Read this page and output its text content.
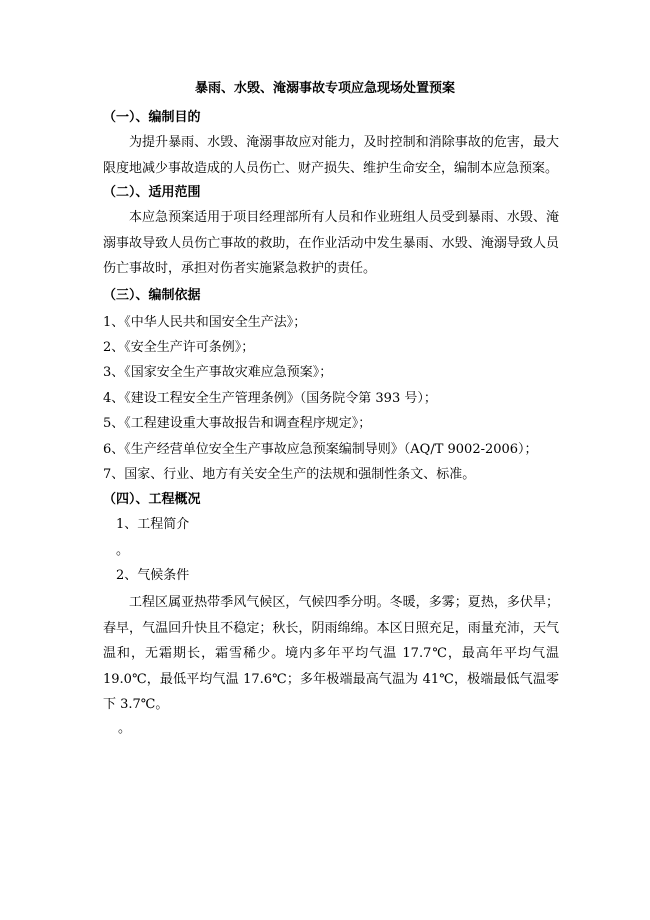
暴雨、水毁、淹溺事故专项应急现场处置预案
（一）、编制目的
为提升暴雨、水毁、淹溺事故应对能力，及时控制和消除事故的危害，最大限度地减少事故造成的人员伤亡、财产损失、维护生命安全，编制本应急预案。
（二）、适用范围
本应急预案适用于项目经理部所有人员和作业班组人员受到暴雨、水毁、淹溺事故导致人员伤亡事故的救助，在作业活动中发生暴雨、水毁、淹溺导致人员伤亡事故时，承担对伤者实施紧急救护的责任。
（三）、编制依据
1、《中华人民共和国安全生产法》；
2、《安全生产许可条例》；
3、《国家安全生产事故灾难应急预案》；
4、《建设工程安全生产管理条例》（国务院令第 393 号）；
5、《工程建设重大事故报告和调查程序规定》；
6、《生产经营单位安全生产事故应急预案编制导则》（AQ/T 9002-2006）；
7、国家、行业、地方有关安全生产的法规和强制性条文、标准。
（四）、工程概况
1、工程简介
。
2、气候条件
工程区属亚热带季风气候区，气候四季分明。冬暖，多雾；夏热，多伏旱；春早，气温回升快且不稳定；秋长，阴雨绵绵。本区日照充足，雨量充沛，天气温和，无霜期长，霜雪稀少。境内多年平均气温 17.7℃，最高年平均气温 19.0℃，最低平均气温 17.6℃；多年极端最高气温为 41℃，极端最低气温零下 3.7℃。
。
